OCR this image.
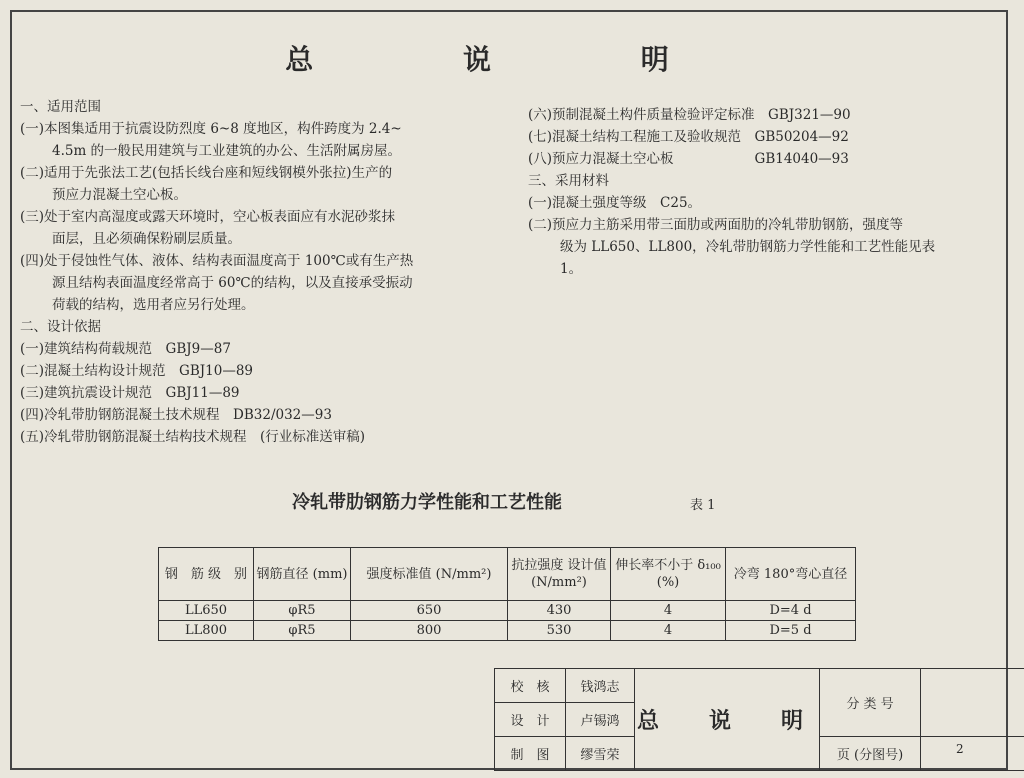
总 说 明
一、适用范围
(一)本图集适用于抗震设防烈度 6~8 度地区，构件跨度为 2.4~
4.5m 的一般民用建筑与工业建筑的办公、生活附属房屋。
(二)适用于先张法工艺(包括长线台座和短线钢模外张拉)生产的
预应力混凝土空心板。
(三)处于室内高湿度或露天环境时，空心板表面应有水泥砂浆抹
面层，且必须确保粉刷层质量。
(四)处于侵蚀性气体、液体、结构表面温度高于 100℃或有生产热
源且结构表面温度经常高于 60℃的结构，以及直接承受振动
荷载的结构，选用者应另行处理。
二、设计依据
(一)建筑结构荷载规范　GBJ9—87
(二)混凝土结构设计规范　GBJ10—89
(三)建筑抗震设计规范　GBJ11—89
(四)冷轧带肋钢筋混凝土技术规程　DB32/032—93
(五)冷轧带肋钢筋混凝土结构技术规程　(行业标准送审稿)
(六)预制混凝土构件质量检验评定标准　GBJ321—90
(七)混凝土结构工程施工及验收规范　GB50204—92
(八)预应力混凝土空心板　　　　　　GB14040—93
三、采用材料
(一)混凝土强度等级　C25。
(二)预应力主筋采用带三面肋或两面肋的冷轧带肋钢筋，强度等
级为 LL650、LL800，冷轧带肋钢筋力学性能和工艺性能见表
1。
冷轧带肋钢筋力学性能和工艺性能	表 1
钢　筋 级　别	钢筋直径 (mm)	强度标准值 (N/mm²)	抗拉强度 设计值 (N/mm²)	伸长率不小于 δ₁₀₀ (%)	冷弯 180°弯心直径
LL650	φR5	650	430	4	D=4 d
LL800	φR5	800	530	4	D=5 d
校　核	钱鸿志	总　说　明	分 类 号	
设　计	卢锡鸿			
制　图	缪雪荣		页 (分图号)		2
